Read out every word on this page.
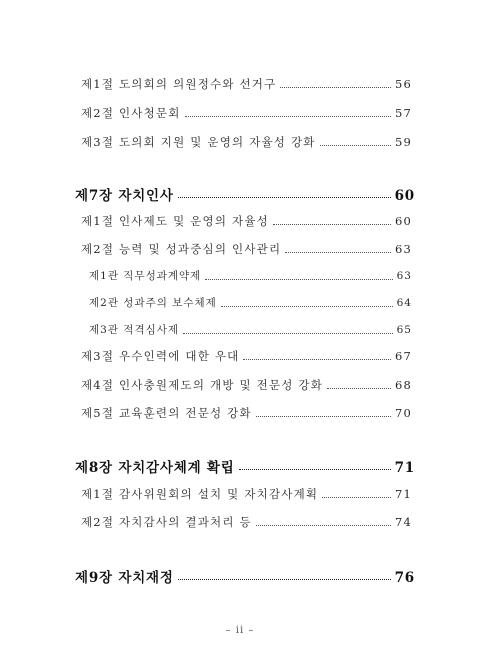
제1절 도의회의 의원정수와 선거구	56
제2절 인사청문회	57
제3절 도의회 지원 및 운영의 자율성 강화	59
제7장 자치인사	60
제1절 인사제도 및 운영의 자율성	60
제2절 능력 및 성과중심의 인사관리	63
제1관 직무성과계약제	63
제2관 성과주의 보수체제	64
제3관 적격심사제	65
제3절 우수인력에 대한 우대	67
제4절 인사충원제도의 개방 및 전문성 강화	68
제5절 교육훈련의 전문성 강화	70
제8장 자치감사체계 확립	71
제1절 감사위원회의 설치 및 자치감사계획	71
제2절 자치감사의 결과처리 등	74
제9장 자치재정	76
– ii –
